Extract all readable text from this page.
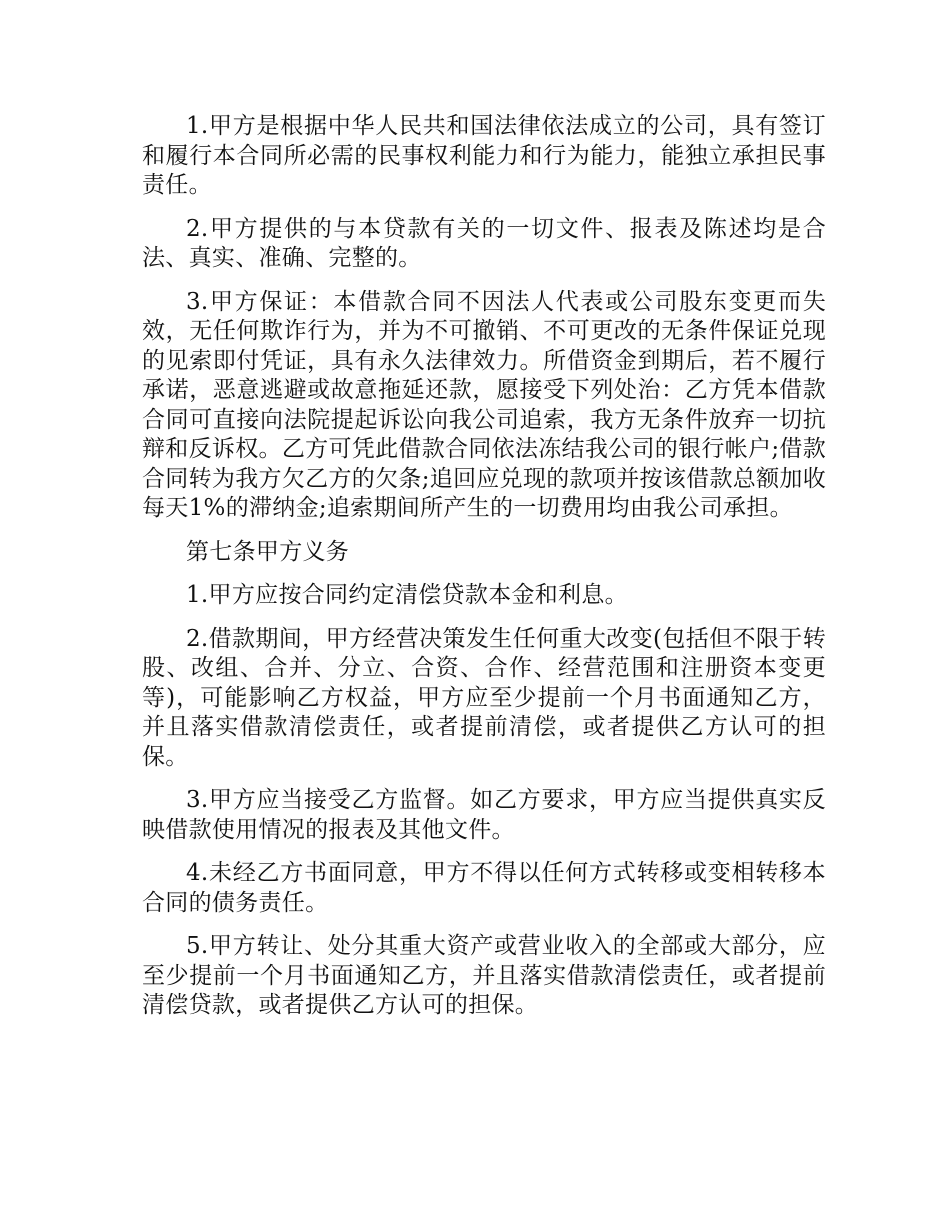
1.甲方是根据中华人民共和国法律依法成立的公司，具有签订和履行本合同所必需的民事权利能力和行为能力，能独立承担民事责任。

2.甲方提供的与本贷款有关的一切文件、报表及陈述均是合法、真实、准确、完整的。

3.甲方保证：本借款合同不因法人代表或公司股东变更而失效，无任何欺诈行为，并为不可撤销、不可更改的无条件保证兑现的见索即付凭证，具有永久法律效力。所借资金到期后，若不履行承诺，恶意逃避或故意拖延还款，愿接受下列处治：乙方凭本借款合同可直接向法院提起诉讼向我公司追索，我方无条件放弃一切抗辩和反诉权。乙方可凭此借款合同依法冻结我公司的银行帐户;借款合同转为我方欠乙方的欠条;追回应兑现的款项并按该借款总额加收每天1%的滞纳金;追索期间所产生的一切费用均由我公司承担。

第七条甲方义务

1.甲方应按合同约定清偿贷款本金和利息。

2.借款期间，甲方经营决策发生任何重大改变(包括但不限于转股、改组、合并、分立、合资、合作、经营范围和注册资本变更等)，可能影响乙方权益，甲方应至少提前一个月书面通知乙方，并且落实借款清偿责任，或者提前清偿，或者提供乙方认可的担保。

3.甲方应当接受乙方监督。如乙方要求，甲方应当提供真实反映借款使用情况的报表及其他文件。

4.未经乙方书面同意，甲方不得以任何方式转移或变相转移本合同的债务责任。

5.甲方转让、处分其重大资产或营业收入的全部或大部分，应至少提前一个月书面通知乙方，并且落实借款清偿责任，或者提前清偿贷款，或者提供乙方认可的担保。
